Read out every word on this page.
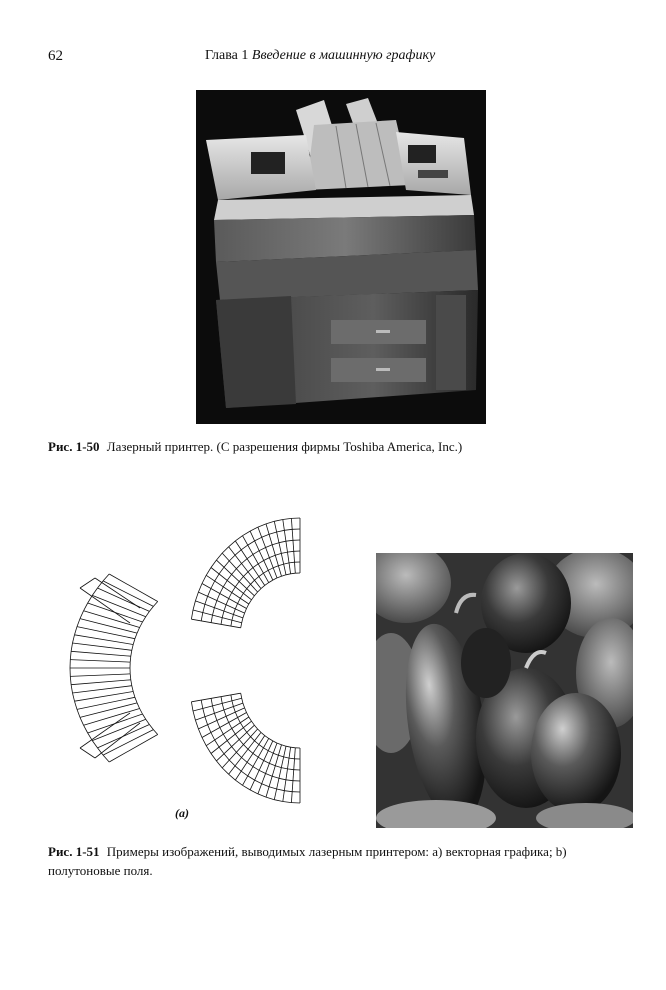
62	Глава 1 Введение в машинную графику
Рис. 1-50 Лазерный принтер. (С разрешения фирмы Toshiba America, Inc.)
(a)
Рис. 1-51 Примеры изображений, выводимых лазерным принтером: a) векторная графика; b) полутоновые поля.
